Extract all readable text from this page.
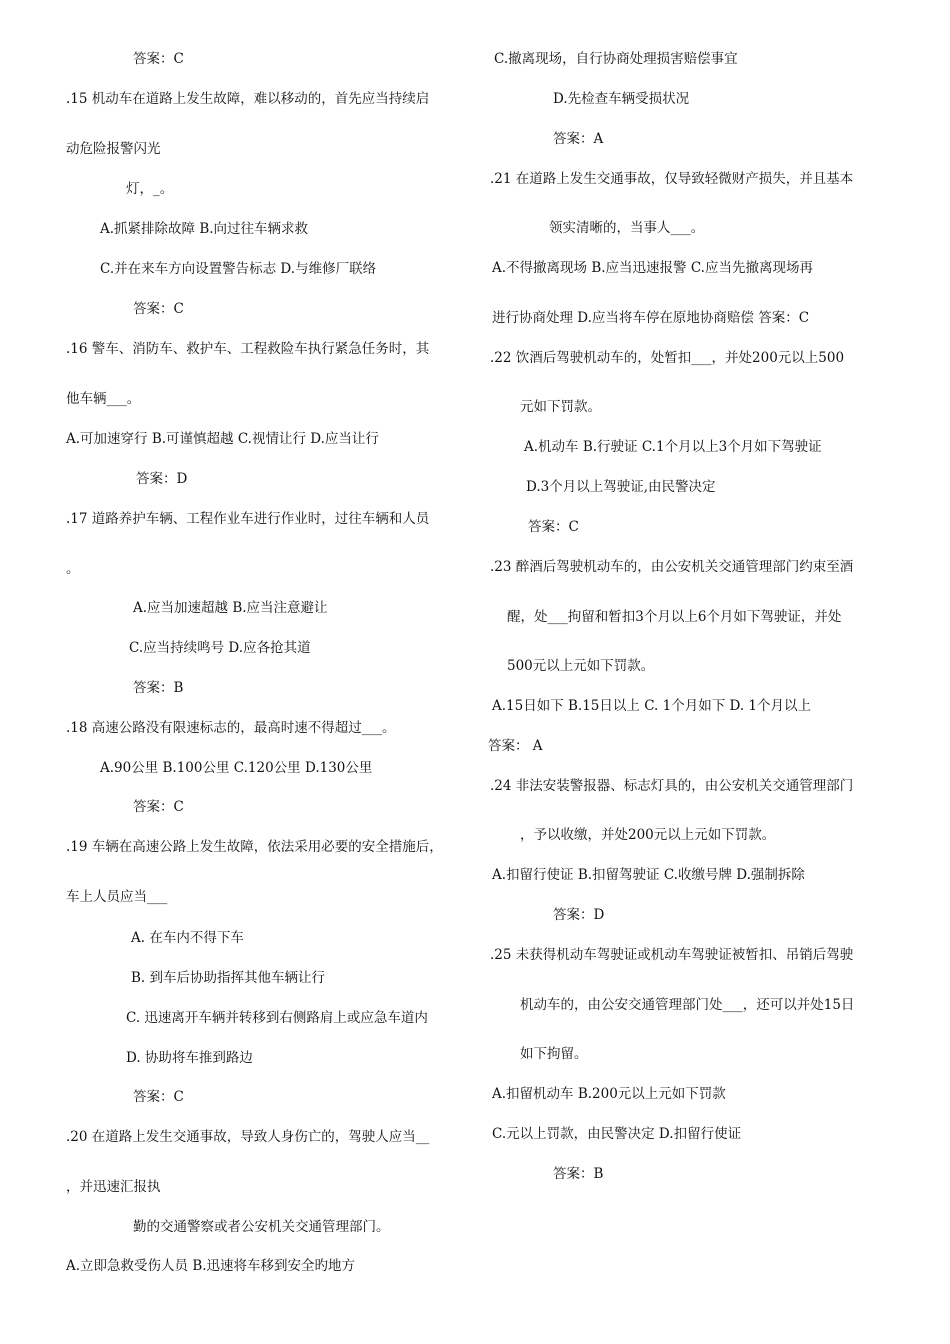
答案：C
.15 机动车在道路上发生故障，难以移动的，首先应当持续启
动危险报警闪光
灯，_。
A.抓紧排除故障 B.向过往车辆求救
C.并在来车方向设置警告标志 D.与维修厂联络
答案：C
.16 警车、消防车、救护车、工程救险车执行紧急任务时，其
他车辆___。
A.可加速穿行 B.可谨慎超越 C.视情让行 D.应当让行
答案：D
.17 道路养护车辆、工程作业车进行作业时，过往车辆和人员
。
A.应当加速超越 B.应当注意避让
C.应当持续鸣号 D.应各抢其道
答案：B
.18 高速公路没有限速标志的，最高时速不得超过___。
A.90公里 B.100公里 C.120公里 D.130公里
答案：C
.19 车辆在高速公路上发生故障，依法采用必要的安全措施后，
车上人员应当___
A. 在车内不得下车
B. 到车后协助指挥其他车辆让行
C. 迅速离开车辆并转移到右侧路肩上或应急车道内
D. 协助将车推到路边
答案：C
.20 在道路上发生交通事故，导致人身伤亡的，驾驶人应当__
，并迅速汇报执
勤的交通警察或者公安机关交通管理部门。
A.立即急救受伤人员 B.迅速将车移到安全旳地方
C.撤离现场，自行协商处理损害赔偿事宜
D.先检查车辆受损状况
答案：A
.21 在道路上发生交通事故，仅导致轻微财产损失，并且基本
领实清晰的，当事人___。
A.不得撤离现场 B.应当迅速报警 C.应当先撤离现场再
进行协商处理 D.应当将车停在原地协商赔偿 答案：C
.22 饮酒后驾驶机动车的，处暂扣___，并处200元以上500
元如下罚款。
A.机动车 B.行驶证 C.1个月以上3个月如下驾驶证
D.3个月以上驾驶证,由民警决定
答案：C
.23 醉酒后驾驶机动车的，由公安机关交通管理部门约束至酒
醒，处___拘留和暂扣3个月以上6个月如下驾驶证，并处
500元以上元如下罚款。
A.15日如下 B.15日以上 C. 1个月如下 D. 1个月以上
答案： A
.24 非法安装警报器、标志灯具的，由公安机关交通管理部门
，予以收缴，并处200元以上元如下罚款。
A.扣留行使证 B.扣留驾驶证 C.收缴号牌 D.强制拆除
答案：D
.25 未获得机动车驾驶证或机动车驾驶证被暂扣、吊销后驾驶
机动车的，由公安交通管理部门处___，还可以并处15日
如下拘留。
A.扣留机动车 B.200元以上元如下罚款
C.元以上罚款，由民警决定 D.扣留行使证
答案：B
